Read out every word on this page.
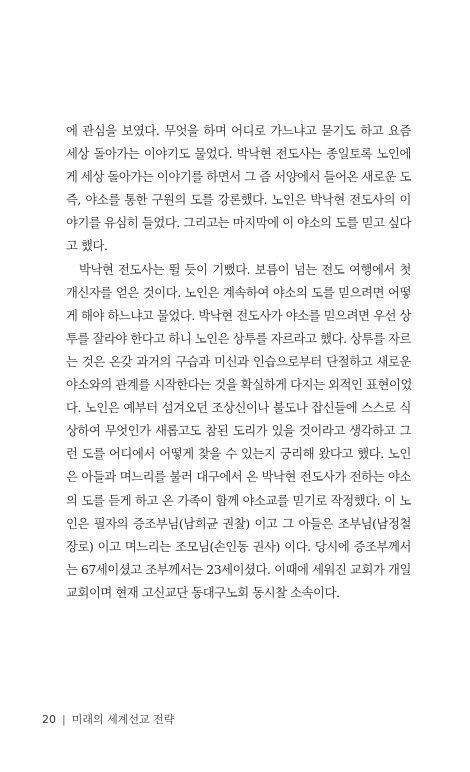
에 관심을 보였다. 무엇을 하며 어디로 가느냐고 묻기도 하고 요즘
세상 돌아가는 이야기도 물었다. 박낙현 전도사는 종일토록 노인에
게 세상 돌아가는 이야기를 하면서 그 즘 서양에서 들어온 새로운 도
즉, 야소를 통한 구원의 도를 강론했다. 노인은 박낙현 전도사의 이
야기를 유심히 들었다. 그리고는 마지막에 이 야소의 도를 믿고 싶다
고 했다.
박낙현 전도사는 뛸 듯이 기뻤다. 보름이 넘는 전도 여행에서 첫
개신자를 얻은 것이다. 노인은 계속하여 야소의 도를 믿으려면 어떻
게 해야 하느냐고 물었다. 박낙현 전도사가 야소를 믿으려면 우선 상
투를 잘라야 한다고 하니 노인은 상투를 자르라고 했다. 상투를 자르
는 것은 온갖 과거의 구습과 미신과 인습으로부터 단절하고 새로운
야소와의 관계를 시작한다는 것을 확실하게 다지는 외적인 표현이었
다. 노인은 예부터 섬겨오던 조상신이나 불도나 잡신들에 스스로 식
상하여 무엇인가 새롭고도 참된 도리가 있을 것이라고 생각하고 그
런 도를 어디에서 어떻게 찾을 수 있는지 궁리해 왔다고 했다. 노인
은 아들과 며느리를 불러 대구에서 온 박낙현 전도사가 전하는 야소
의 도를 듣게 하고 온 가족이 함께 야소교를 믿기로 작정했다. 이 노
인은 필자의 증조부님(남희균 권찰) 이고 그 아들은 조부님(남정철
장로) 이고 며느리는 조모님(손인동 권사) 이다. 당시에 증조부께서
는 67세이셨고 조부께서는 23세이셨다. 이때에 세워진 교회가 개일
교회이며 현재 고신교단 동대구노회 동시찰 소속이다.
20 | 미래의 세계선교 전략
